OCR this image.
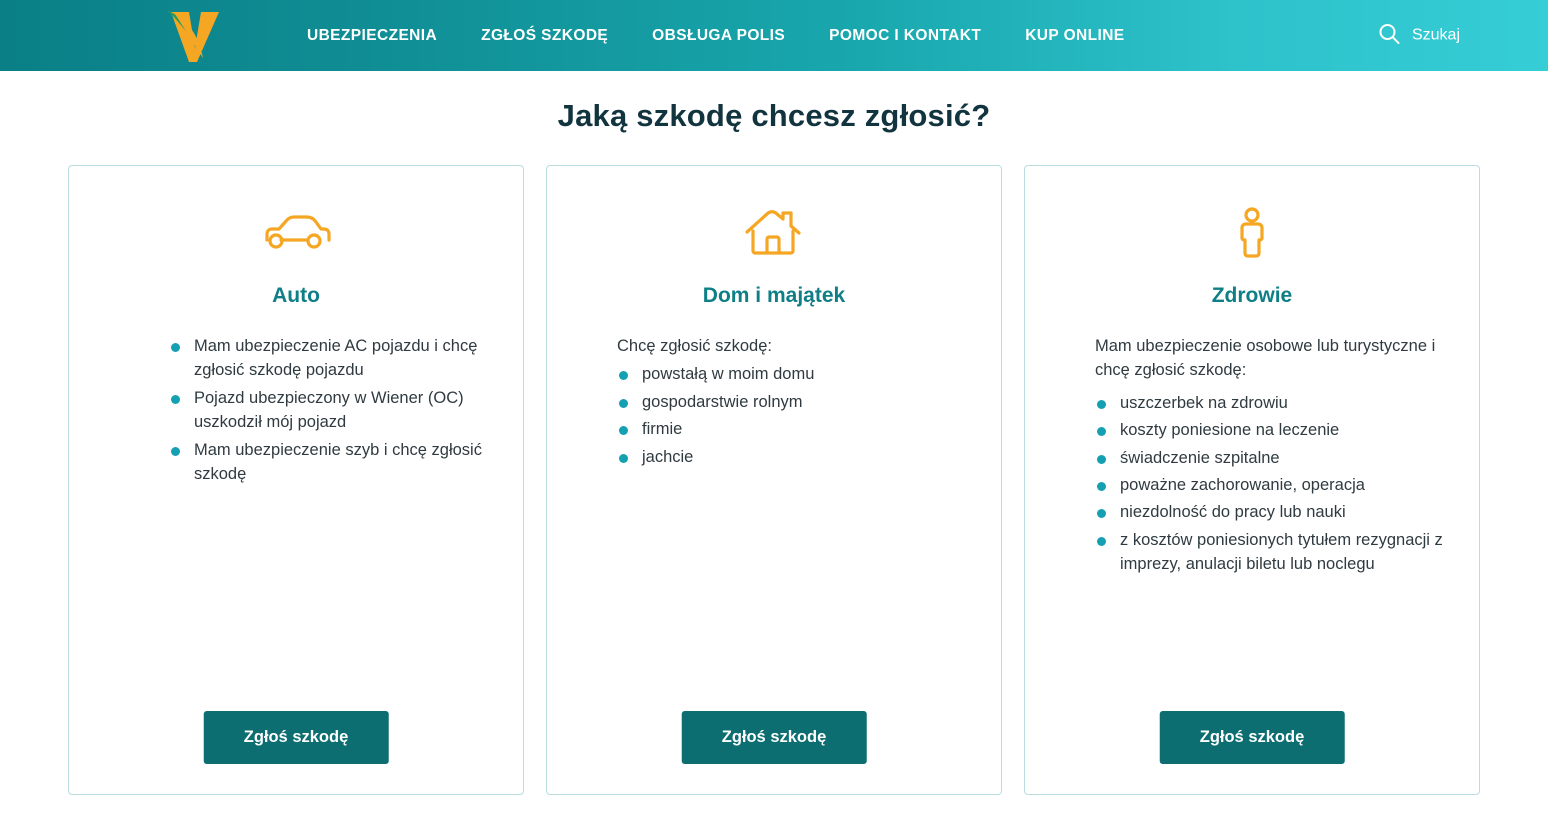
UBEZPIECZENIA	ZGŁOŚ SZKODĘ	OBSŁUGA POLIS	POMOC I KONTAKT	KUP ONLINE	Szukaj
Jaką szkodę chcesz zgłosić?
Auto
Mam ubezpieczenie AC pojazdu i chcę zgłosić szkodę pojazdu
Pojazd ubezpieczony w Wiener (OC) uszkodził mój pojazd
Mam ubezpieczenie szyb i chcę zgłosić szkodę
Zgłoś szkodę
Dom i majątek

Chcę zgłosić szkodę:

powstałą w moim domu
gospodarstwie rolnym
firmie
jachcie
Zgłoś szkodę
Zdrowie

Mam ubezpieczenie osobowe lub turystyczne i chcę zgłosić szkodę:

uszczerbek na zdrowiu
koszty poniesione na leczenie
świadczenie szpitalne
poważne zachorowanie, operacja
niezdolność do pracy lub nauki
z kosztów poniesionych tytułem rezygnacji z imprezy, anulacji biletu lub noclegu
Zgłoś szkodę
